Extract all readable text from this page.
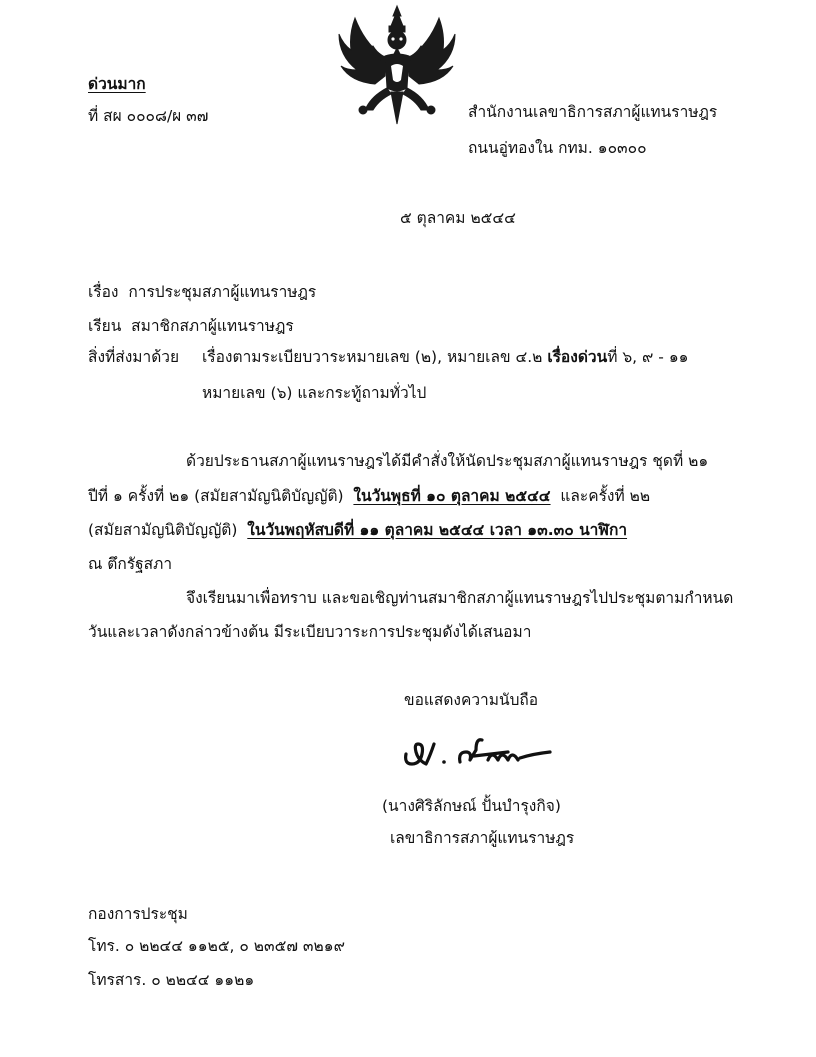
ด่วนมาก
ที่ สผ ๐๐๐๘/ผ ๓๗	สำนักงานเลขาธิการสภาผู้แทนราษฎร
ถนนอู่ทองใน กทม. ๑๐๓๐๐
๕ ตุลาคม ๒๕๔๔
เรื่อง การประชุมสภาผู้แทนราษฎร
เรียน สมาชิกสภาผู้แทนราษฎร
สิ่งที่ส่งมาด้วย เรื่องตามระเบียบวาระหมายเลข (๒), หมายเลข ๔.๒ เรื่องด่วนที่ ๖, ๙ - ๑๑
หมายเลข (๖) และกระทู้ถามทั่วไป
ด้วยประธานสภาผู้แทนราษฎรได้มีคำสั่งให้นัดประชุมสภาผู้แทนราษฎร ชุดที่ ๒๑
ปีที่ ๑ ครั้งที่ ๒๑ (สมัยสามัญนิติบัญญัติ) ในวันพุธที่ ๑๐ ตุลาคม ๒๕๔๔ และครั้งที่ ๒๒
(สมัยสามัญนิติบัญญัติ) ในวันพฤหัสบดีที่ ๑๑ ตุลาคม ๒๕๔๔ เวลา ๑๓.๓๐ นาฬิกา
ณ ตึกรัฐสภา
จึงเรียนมาเพื่อทราบ และขอเชิญท่านสมาชิกสภาผู้แทนราษฎรไปประชุมตามกำหนด
วันและเวลาดังกล่าวข้างต้น มีระเบียบวาระการประชุมดังได้เสนอมา
ขอแสดงความนับถือ
(นางศิริลักษณ์ ปั้นบำรุงกิจ)
เลขาธิการสภาผู้แทนราษฎร
กองการประชุม
โทร. ๐ ๒๒๔๔ ๑๑๒๕, ๐ ๒๓๕๗ ๓๒๑๙
โทรสาร. ๐ ๒๒๔๔ ๑๑๒๑
